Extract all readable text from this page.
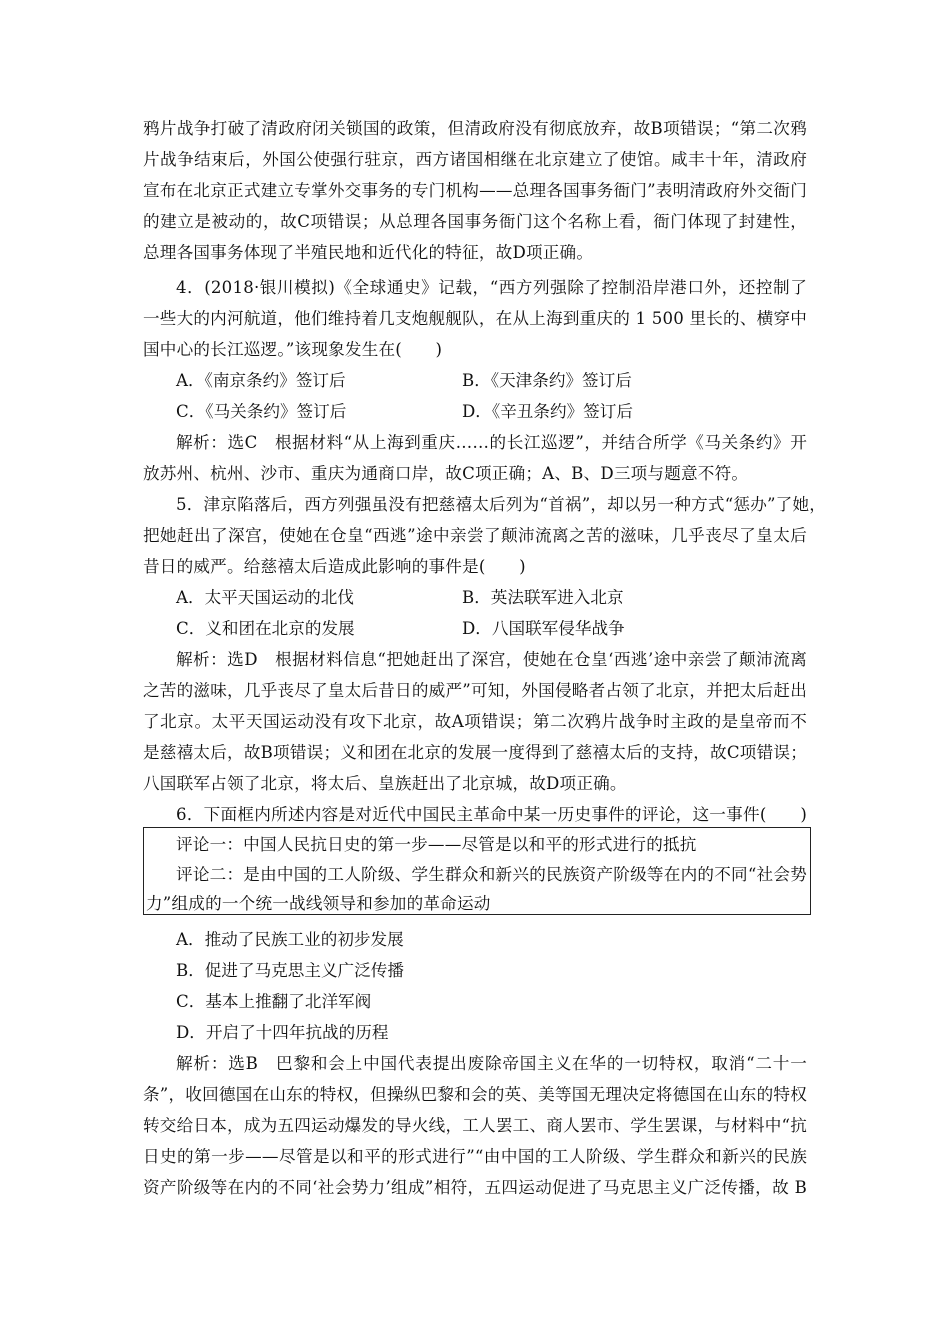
鸦片战争打破了清政府闭关锁国的政策，但清政府没有彻底放弃，故B项错误；“第二次鸦
片战争结束后，外国公使强行驻京，西方诸国相继在北京建立了使馆。咸丰十年，清政府
宣布在北京正式建立专掌外交事务的专门机构——总理各国事务衙门”表明清政府外交衙门
的建立是被动的，故C项错误；从总理各国事务衙门这个名称上看，衙门体现了封建性，
总理各国事务体现了半殖民地和近代化的特征，故D项正确。
4．(2018·银川模拟)《全球通史》记载，“西方列强除了控制沿岸港口外，还控制了
一些大的内河航道，他们维持着几支炮舰舰队，在从上海到重庆的 1 500 里长的、横穿中
国中心的长江巡逻。”该现象发生在(　　)
A．《南京条约》签订后	B．《天津条约》签订后
C．《马关条约》签订后	D．《辛丑条约》签订后
解析：选C　根据材料“从上海到重庆……的长江巡逻”，并结合所学《马关条约》开
放苏州、杭州、沙市、重庆为通商口岸，故C项正确；A、B、D三项与题意不符。
5．津京陷落后，西方列强虽没有把慈禧太后列为“首祸”，却以另一种方式“惩办”了她，
把她赶出了深宫，使她在仓皇“西逃”途中亲尝了颠沛流离之苦的滋味，几乎丧尽了皇太后
昔日的威严。给慈禧太后造成此影响的事件是(　　)
A．太平天国运动的北伐	B．英法联军进入北京
C．义和团在北京的发展	D．八国联军侵华战争
解析：选D　根据材料信息“把她赶出了深宫，使她在仓皇‘西逃’途中亲尝了颠沛流离
之苦的滋味，几乎丧尽了皇太后昔日的威严”可知，外国侵略者占领了北京，并把太后赶出
了北京。太平天国运动没有攻下北京，故A项错误；第二次鸦片战争时主政的是皇帝而不
是慈禧太后，故B项错误；义和团在北京的发展一度得到了慈禧太后的支持，故C项错误；
八国联军占领了北京，将太后、皇族赶出了北京城，故D项正确。
6．下面框内所述内容是对近代中国民主革命中某一历史事件的评论，这一事件(　　)
评论一：中国人民抗日史的第一步——尽管是以和平的形式进行的抵抗
评论二：是由中国的工人阶级、学生群众和新兴的民族资产阶级等在内的不同“社会势
力”组成的一个统一战线领导和参加的革命运动
A．推动了民族工业的初步发展
B．促进了马克思主义广泛传播
C．基本上推翻了北洋军阀
D．开启了十四年抗战的历程
解析：选B　巴黎和会上中国代表提出废除帝国主义在华的一切特权，取消“二十一
条”，收回德国在山东的特权，但操纵巴黎和会的英、美等国无理决定将德国在山东的特权
转交给日本，成为五四运动爆发的导火线，工人罢工、商人罢市、学生罢课，与材料中“抗
日史的第一步——尽管是以和平的形式进行”“由中国的工人阶级、学生群众和新兴的民族
资产阶级等在内的不同‘社会势力’组成”相符，五四运动促进了马克思主义广泛传播，故 B
